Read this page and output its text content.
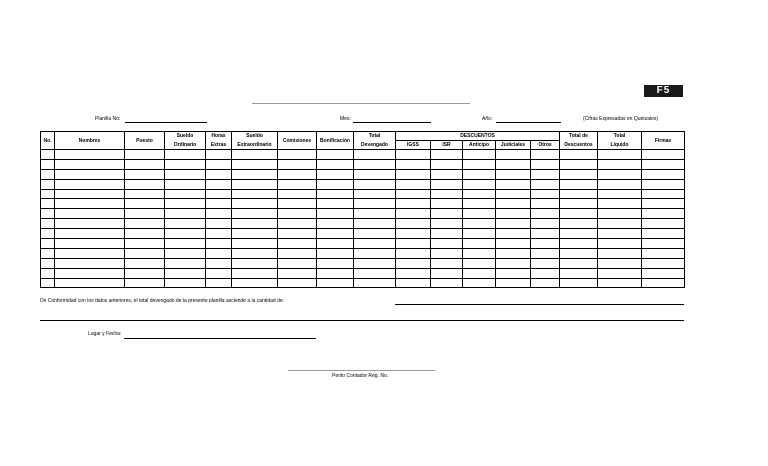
F5
Planilla No:	Mes:	Año:	(Cifras Expresadas en Quetzales)
No.	Nombres	Puesto	Sueldo	Horas	Sueldo	Comisiones	Bonificación	Total	DESCUENTOS					Total de	Total	Firmas
			Ordinario	Extras	Extraordinario			Devengado	IGSS	ISR	Anticipo	Judiciales	Otros	Descuentos	Líquido	

De Conformidad con los datos anteriores, el total devengado de la presente planilla asciende a la cantidad de:
Lugar y Fecha:
Perito Contador Reg. No.
